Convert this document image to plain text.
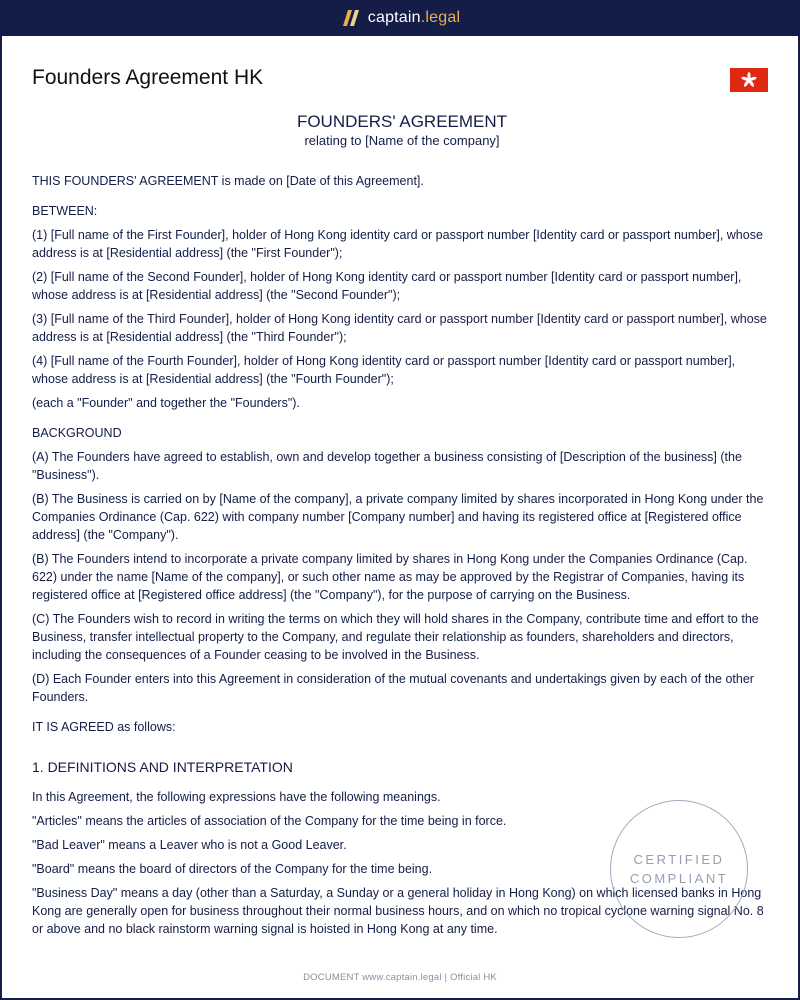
captain.legal
Founders Agreement HK

FOUNDERS' AGREEMENT

relating to [Name of the company]

THIS FOUNDERS' AGREEMENT is made on [Date of this Agreement].

BETWEEN:

(1) [Full name of the First Founder], holder of Hong Kong identity card or passport number [Identity card or passport number], whose address is at [Residential address] (the "First Founder");

(2) [Full name of the Second Founder], holder of Hong Kong identity card or passport number [Identity card or passport number], whose address is at [Residential address] (the "Second Founder");

(3) [Full name of the Third Founder], holder of Hong Kong identity card or passport number [Identity card or passport number], whose address is at [Residential address] (the "Third Founder");

(4) [Full name of the Fourth Founder], holder of Hong Kong identity card or passport number [Identity card or passport number], whose address is at [Residential address] (the "Fourth Founder");

(each a "Founder" and together the "Founders").

BACKGROUND

(A) The Founders have agreed to establish, own and develop together a business consisting of [Description of the business] (the "Business").

(B) The Business is carried on by [Name of the company], a private company limited by shares incorporated in Hong Kong under the Companies Ordinance (Cap. 622) with company number [Company number] and having its registered office at [Registered office address] (the "Company").

(B) The Founders intend to incorporate a private company limited by shares in Hong Kong under the Companies Ordinance (Cap. 622) under the name [Name of the company], or such other name as may be approved by the Registrar of Companies, having its registered office at [Registered office address] (the "Company"), for the purpose of carrying on the Business.

(C) The Founders wish to record in writing the terms on which they will hold shares in the Company, contribute time and effort to the Business, transfer intellectual property to the Company, and regulate their relationship as founders, shareholders and directors, including the consequences of a Founder ceasing to be involved in the Business.

(D) Each Founder enters into this Agreement in consideration of the mutual covenants and undertakings given by each of the other Founders.

IT IS AGREED as follows:

1. DEFINITIONS AND INTERPRETATION

In this Agreement, the following expressions have the following meanings.

"Articles" means the articles of association of the Company for the time being in force.

"Bad Leaver" means a Leaver who is not a Good Leaver.

"Board" means the board of directors of the Company for the time being.

"Business Day" means a day (other than a Saturday, a Sunday or a general holiday in Hong Kong) on which licensed banks in Hong Kong are generally open for business throughout their normal business hours, and on which no tropical cyclone warning signal No. 8 or above and no black rainstorm warning signal is hoisted in Hong Kong at any time.

CERTIFIED
COMPLIANT
DOCUMENT www.captain.legal | Official HK
